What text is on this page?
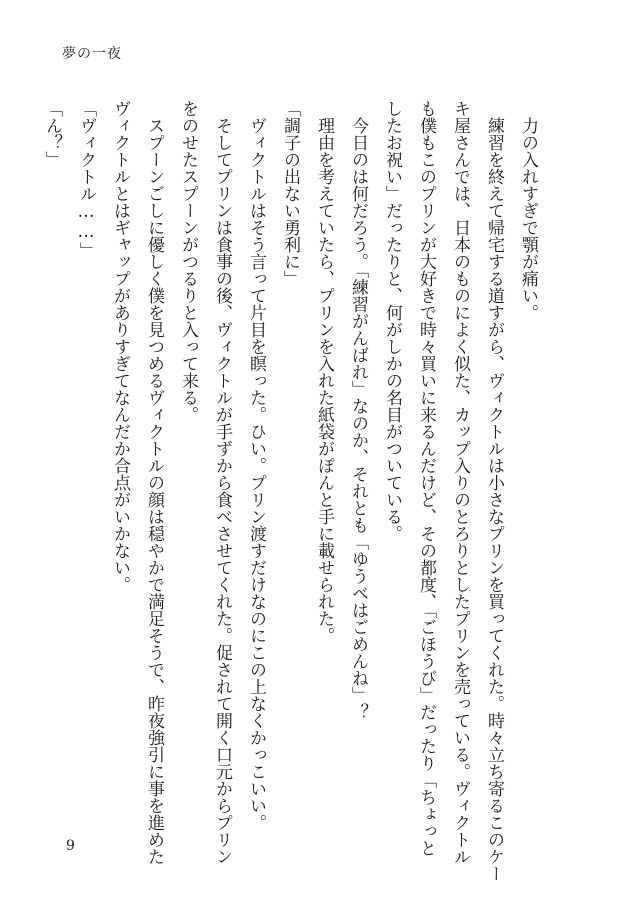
夢の一夜
　力の入れすぎで顎が痛い。
　練習を終えて帰宅する道すがら、ヴィクトルは小さなプリンを買ってくれた。時々立ち寄るこのケー
キ屋さんでは、日本のものによく似た、カップ入りのとろりとしたプリンを売っている。ヴィクトル
も僕もこのプリンが大好きで時々買いに来るんだけど、その都度、「ごほうび」だったり「ちょっと
したお祝い」だったりと、何がしかの名目がついている。
　今日のは何だろう。「練習がんばれ」なのか、それとも「ゆうべはごめんね」？
　理由を考えていたら、プリンを入れた紙袋がぽんと手に載せられた。
「調子の出ない勇利に」
　ヴィクトルはそう言って片目を瞑った。ひい。プリン渡すだけなのにこの上なくかっこいい。
　そしてプリンは食事の後、ヴィクトルが手ずから食べさせてくれた。促されて開く口元からプリン
をのせたスプーンがつるりと入って来る。
　スプーンごしに優しく僕を見つめるヴィクトルの顔は穏やかで満足そうで、昨夜強引に事を進めた
ヴィクトルとはギャップがありすぎてなんだか合点がいかない。
「ヴィクトル……」
「ん？」
9
